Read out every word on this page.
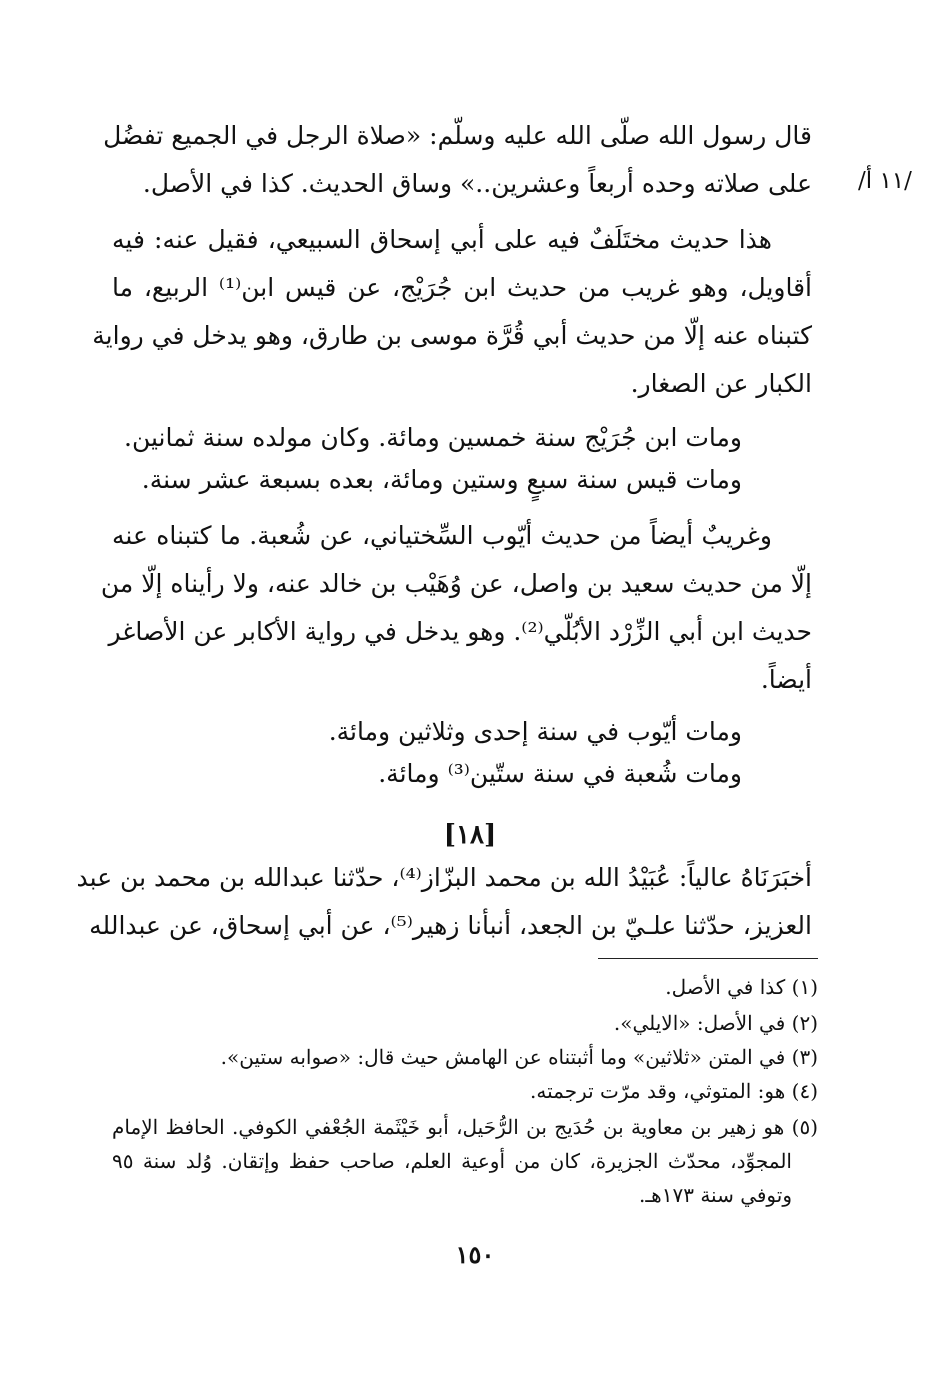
/١١ أ/
قال رسول الله صلّى الله عليه وسلّم: «صلاة الرجل في الجميع تفضُل
على صلاته وحده أربعاً وعشرين..» وساق الحديث. كذا في الأصل.
هذا حديث مختَلَفٌ فيه على أبي إسحاق السبيعي، فقيل عنه: فيه
أقاويل، وهو غريب من حديث ابن جُرَيْج، عن قيس ابن⁽¹⁾ الربيع، ما
كتبناه عنه إلّا من حديث أبي قُرَّة موسى بن طارق، وهو يدخل في رواية
الكبار عن الصغار.
ومات ابن جُرَيْج سنة خمسين ومائة. وكان مولده سنة ثمانين.
ومات قيس سنة سبعٍ وستين ومائة، بعده بسبعة عشر سنة.
وغريبٌ أيضاً من حديث أيّوب السِّختياني، عن شُعبة. ما كتبناه عنه
إلّا من حديث سعيد بن واصل، عن وُهَيْب بن خالد عنه، ولا رأيناه إلّا من
حديث ابن أبي الزِّرْد الأبُلّي⁽²⁾. وهو يدخل في رواية الأكابر عن الأصاغر
أيضاً.
ومات أيّوب في سنة إحدى وثلاثين ومائة.
ومات شُعبة في سنة ستّين⁽³⁾ ومائة.
[١٨]
أخبَرَنَاهُ عالياً: عُبَيْدُ الله بن محمد البزّاز⁽⁴⁾، حدّثنا عبدالله بن محمد بن عبد
العزيز، حدّثنا علـيّ بن الجعد، أنبأنا زهير⁽⁵⁾، عن أبي إسحاق، عن عبدالله
(١) كذا في الأصل.
(٢) في الأصل: «الايلي».
(٣) في المتن «ثلاثين» وما أثبتناه عن الهامش حيث قال: «صوابه ستين».
(٤) هو: المتوثي، وقد مرّت ترجمته.
(٥) هو زهير بن معاوية بن حُدَيج بن الرُّحَيل، أبو خَيْثَمة الجُعْفي الكوفي. الحافظ الإمام
المجوِّد، محدّث الجزيرة، كان من أوعية العلم، صاحب حفظ وإتقان. وُلد سنة ٩٥
وتوفي سنة ١٧٣هـ.
١٥٠
